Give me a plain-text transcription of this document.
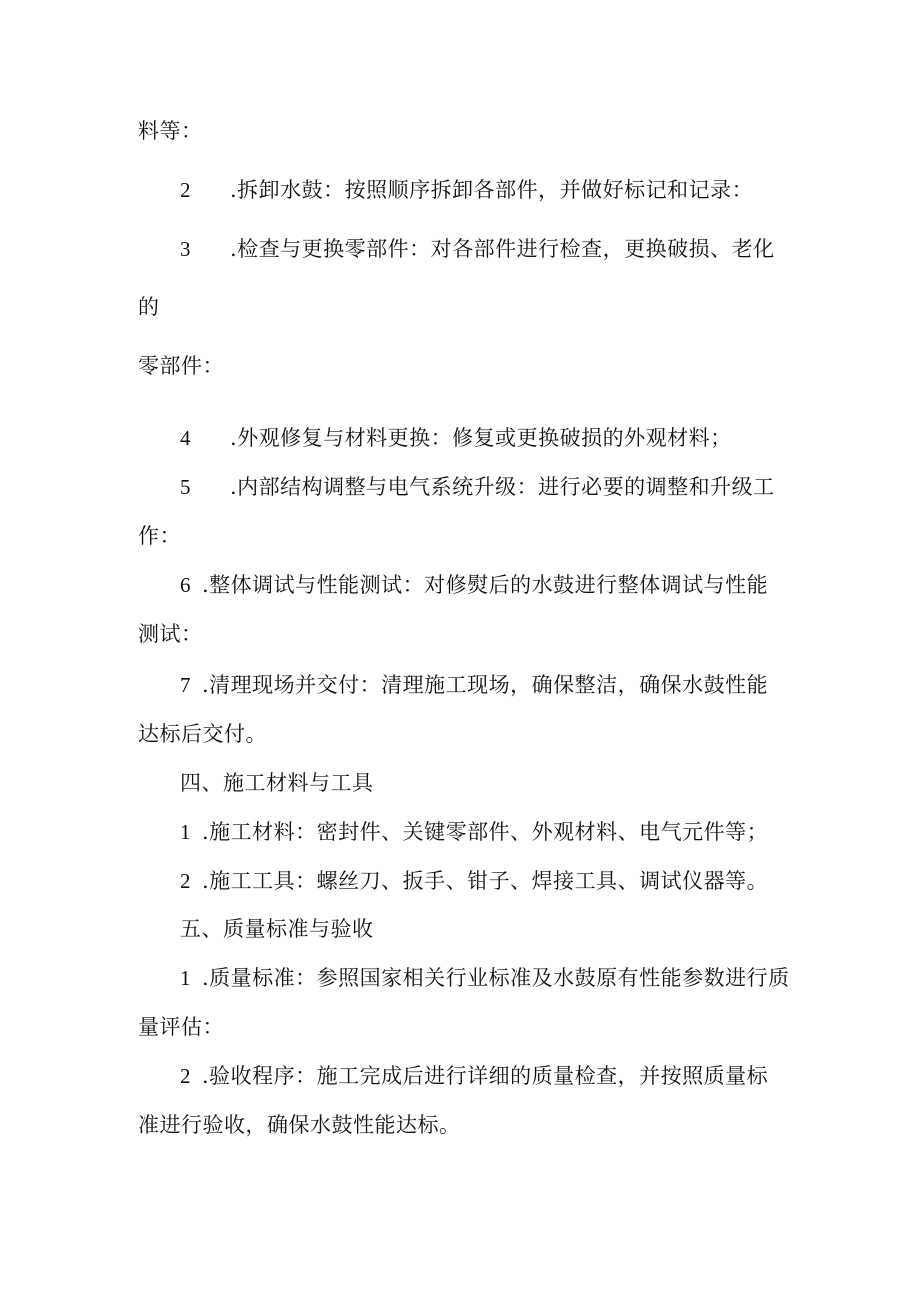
料等：
2 .拆卸水鼓：按照顺序拆卸各部件，并做好标记和记录：
3 .检查与更换零部件：对各部件进行检查，更换破损、老化
的
零部件：
4 .外观修复与材料更换：修复或更换破损的外观材料；
5 .内部结构调整与电气系统升级：进行必要的调整和升级工
作：
6 .整体调试与性能测试：对修熨后的水鼓进行整体调试与性能
测试：
7 .清理现场并交付：清理施工现场，确保整洁，确保水鼓性能
达标后交付。
四、施工材料与工具
1 .施工材料：密封件、关键零部件、外观材料、电气元件等；
2 .施工工具：螺丝刀、扳手、钳子、焊接工具、调试仪器等。
五、质量标准与验收
1 .质量标准：参照国家相关行业标准及水鼓原有性能参数进行质
量评估：
2 .验收程序：施工完成后进行详细的质量检查，并按照质量标
准进行验收，确保水鼓性能达标。
